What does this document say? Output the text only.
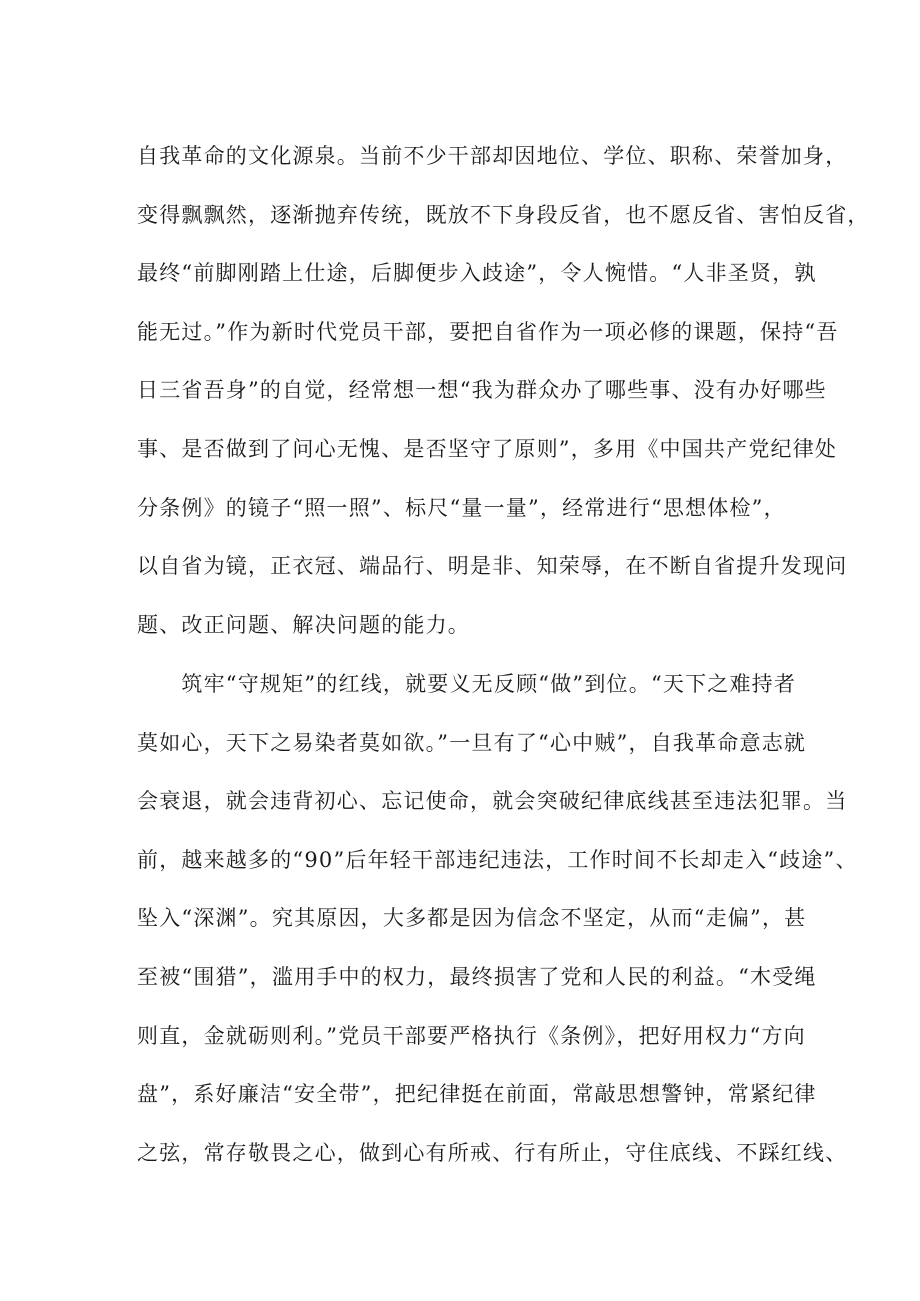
自我革命的文化源泉。当前不少干部却因地位、学位、职称、荣誉加身，
变得飘飘然，逐渐抛弃传统，既放不下身段反省，也不愿反省、害怕反省，
最终“前脚刚踏上仕途，后脚便步入歧途”，令人惋惜。“人非圣贤，孰
能无过。”作为新时代党员干部，要把自省作为一项必修的课题，保持“吾
日三省吾身”的自觉，经常想一想“我为群众办了哪些事、没有办好哪些
事、是否做到了问心无愧、是否坚守了原则”，多用《中国共产党纪律处
分条例》的镜子“照一照”、标尺“量一量”，经常进行“思想体检”，
以自省为镜，正衣冠、端品行、明是非、知荣辱，在不断自省提升发现问
题、改正问题、解决问题的能力。
　　筑牢“守规矩”的红线，就要义无反顾“做”到位。“天下之难持者
莫如心，天下之易染者莫如欲。”一旦有了“心中贼”，自我革命意志就
会衰退，就会违背初心、忘记使命，就会突破纪律底线甚至违法犯罪。当
前，越来越多的“90”后年轻干部违纪违法，工作时间不长却走入“歧途”、
坠入“深渊”。究其原因，大多都是因为信念不坚定，从而“走偏”，甚
至被“围猎”，滥用手中的权力，最终损害了党和人民的利益。“木受绳
则直，金就砺则利。”党员干部要严格执行《条例》，把好用权力“方向
盘”，系好廉洁“安全带”，把纪律挺在前面，常敲思想警钟，常紧纪律
之弦，常存敬畏之心，做到心有所戒、行有所止，守住底线、不踩红线、
